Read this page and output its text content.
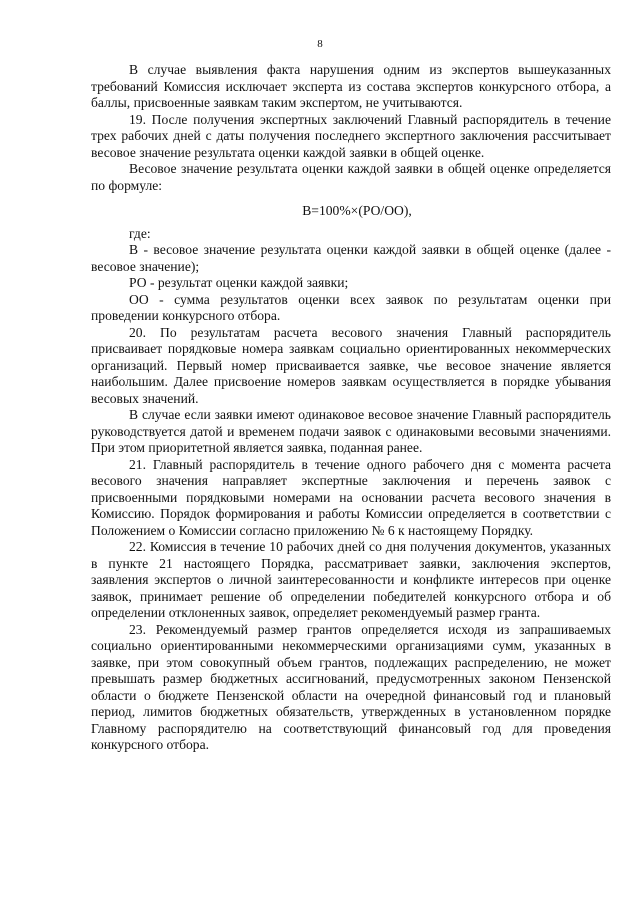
8

В случае выявления факта нарушения одним из экспертов вышеуказанных требований Комиссия исключает эксперта из состава экспертов конкурсного отбора, а баллы, присвоенные заявкам таким экспертом, не учитываются.

19. После получения экспертных заключений Главный распорядитель в течение трех рабочих дней с даты получения последнего экспертного заключения рассчитывает весовое значение результата оценки каждой заявки в общей оценке.

Весовое значение результата оценки каждой заявки в общей оценке определяется по формуле:

В=100%×(РО/ОО),

где:

В - весовое значение результата оценки каждой заявки в общей оценке (далее - весовое значение);

РО - результат оценки каждой заявки;

ОО - сумма результатов оценки всех заявок по результатам оценки при проведении конкурсного отбора.

20. По результатам расчета весового значения Главный распорядитель присваивает порядковые номера заявкам социально ориентированных некоммерческих организаций. Первый номер присваивается заявке, чье весовое значение является наибольшим. Далее присвоение номеров заявкам осуществляется в порядке убывания весовых значений.

В случае если заявки имеют одинаковое весовое значение Главный распорядитель руководствуется датой и временем подачи заявок с одинаковыми весовыми значениями. При этом приоритетной является заявка, поданная ранее.

21. Главный распорядитель в течение одного рабочего дня с момента расчета весового значения направляет экспертные заключения и перечень заявок с присвоенными порядковыми номерами на основании расчета весового значения в Комиссию. Порядок формирования и работы Комиссии определяется в соответствии с Положением о Комиссии согласно приложению № 6 к настоящему Порядку.

22. Комиссия в течение 10 рабочих дней со дня получения документов, указанных в пункте 21 настоящего Порядка, рассматривает заявки, заключения экспертов, заявления экспертов о личной заинтересованности и конфликте интересов при оценке заявок, принимает решение об определении победителей конкурсного отбора и об определении отклоненных заявок, определяет рекомендуемый размер гранта.

23. Рекомендуемый размер грантов определяется исходя из запрашиваемых социально ориентированными некоммерческими организациями сумм, указанных в заявке, при этом совокупный объем грантов, подлежащих распределению, не может превышать размер бюджетных ассигнований, предусмотренных законом Пензенской области о бюджете Пензенской области на очередной финансовый год и плановый период, лимитов бюджетных обязательств, утвержденных в установленном порядке Главному распорядителю на соответствующий финансовый год для проведения конкурсного отбора.
